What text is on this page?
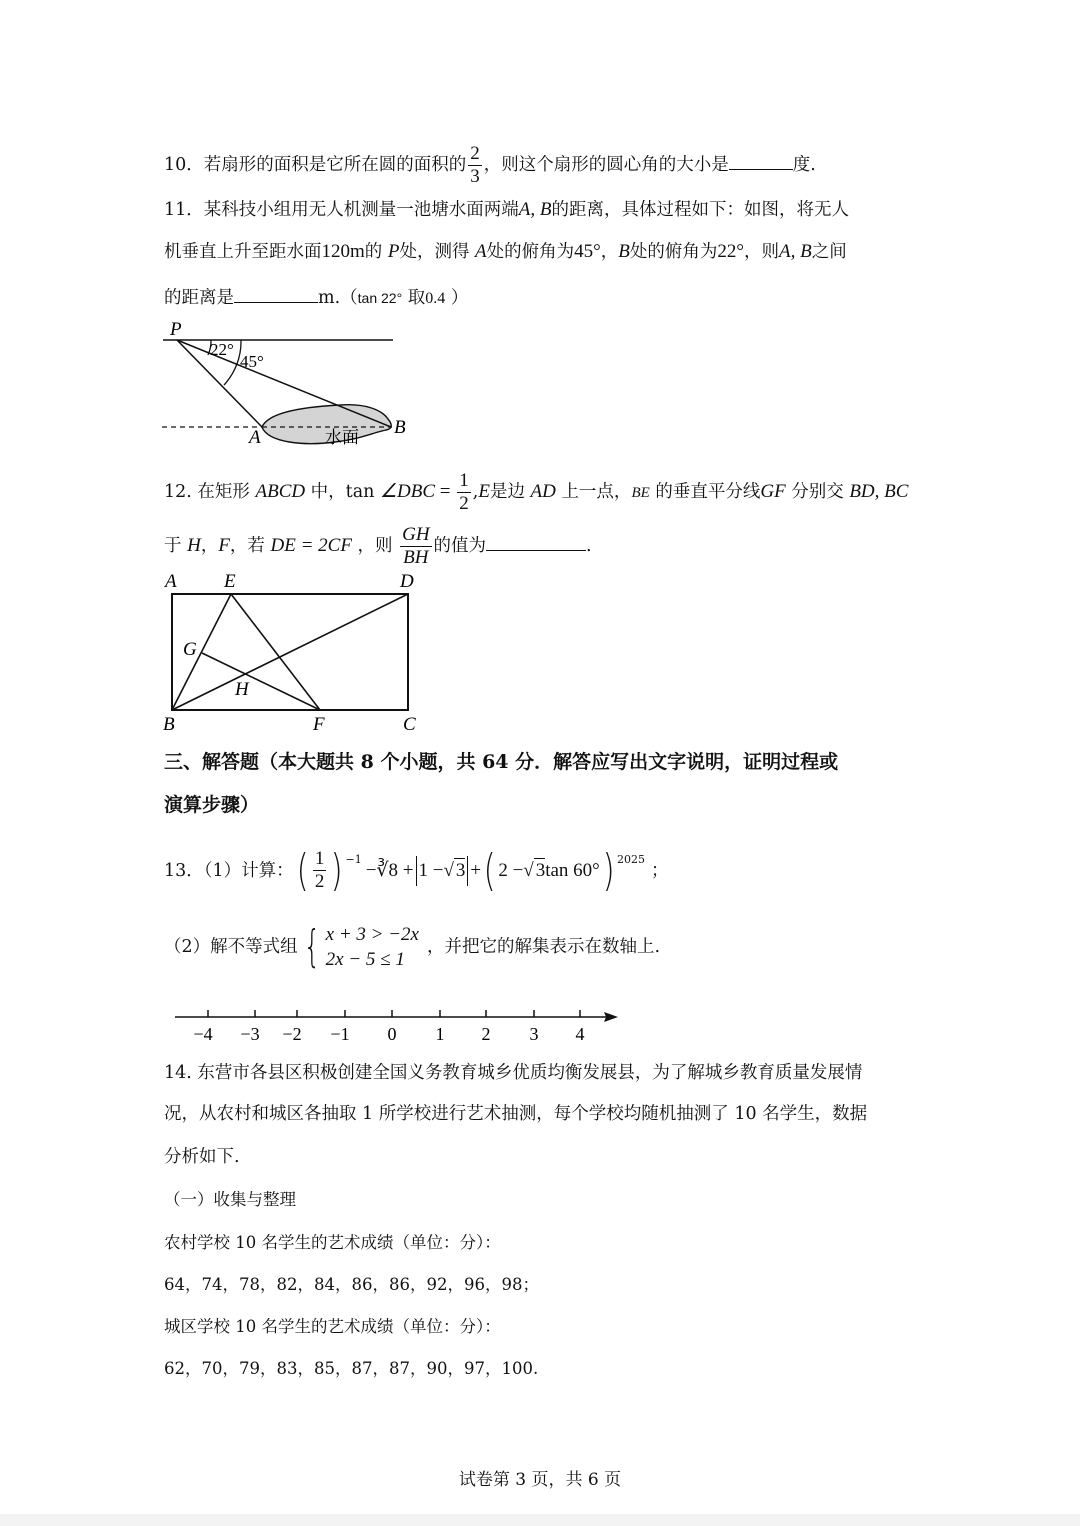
10．若扇形的面积是它所在圆的面积的 $\frac{2}{3}$ ，则这个扇形的圆心角的大小是	度.
11．某科技小组用无人机测量一池塘水面两端A, B的距离，具体过程如下：如图，将无人
机垂直上升至距水面120m的 P处，测得 A处的俯角为45°，B处的俯角为22°，则A, B之间
的距离是	m.（tan 22° 取0.4 ）
P
22°
45°
A	B
水面
12. 在矩形 ABCD 中，tan ∠DBC = $\frac{1}{2} ,E$是边 AD 上一点，BE 的垂直平分线GF 分别交 BD, BC
于 H，F，若 DE = 2CF ，则 $\frac{GH}{BH}$ 的值为	.
A E	D
G
H
B	F	C
三、解答题（本大题共 8 个小题，共 64 分．解答应写出文字说明，证明过程或
演算步骤）
13．（1）计算： ( $\frac{1}{2} )^{-1}$ −∛8 + 1 − √ 3 + ( 2 − √ 3 tan 60° )$^{2025}$
；
（2）解不等式组 { x + 3 > −2x
2x − 5 ≤ 1
，并把它的解集表示在数轴上.
−4 −3 −2 −1 0 1 2 3 4
14. 东营市各县区积极创建全国义务教育城乡优质均衡发展县，为了解城乡教育质量发展情
况，从农村和城区各抽取 1 所学校进行艺术抽测，每个学校均随机抽测了 10 名学生，数据
分析如下.
（一）收集与整理
农村学校 10 名学生的艺术成绩（单位：分）：
64，74，78，82，84，86，86，92，96，98；
城区学校 10 名学生的艺术成绩（单位：分）：
62，70，79，83，85，87，87，90，97，100.
试卷第 3 页，共 6 页
